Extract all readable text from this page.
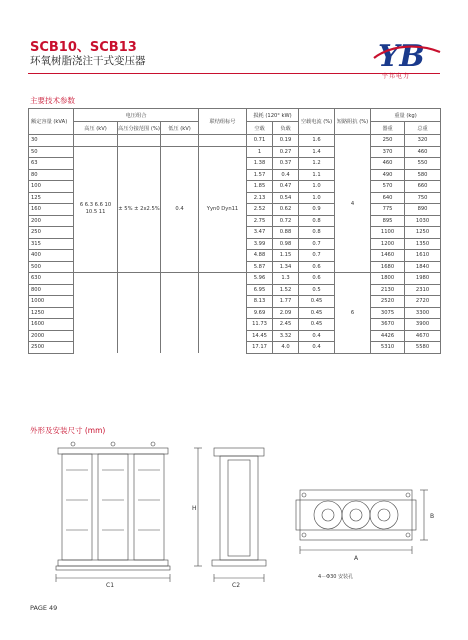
SCB10、SCB13
环氧树脂浇注干式变压器	YB
宇邦电力
主要技术参数
额定容量 (kVA)	电压组合			联结组标号	损耗 (120° kW)		空载电流 (%)	短路阻抗 (%)	重量 (kg)	
	高压 (kV)	高压分接范围 (%)	低压 (kV)		空载	负载			器重	总重
30					0.71	0.19	1.6	4	250	320
50	6 6.3 6.6 10 10.5 11	± 5% ± 2x2.5%	0.4	Yyn0 Dyn11	1	0.27	1.4		370	460
63					1.38	0.37	1.2		460	550
80					1.57	0.4	1.1		490	580
100					1.85	0.47	1.0		570	660
125					2.13	0.54	1.0		640	750
160					2.52	0.62	0.9		775	890
200					2.75	0.72	0.8		895	1030
250					3.47	0.88	0.8		1100	1250
315					3.99	0.98	0.7		1200	1350
400					4.88	1.15	0.7		1460	1610
500					5.87	1.34	0.6		1680	1840
630					5.96	1.3	0.6	6	1800	1980
800					6.95	1.52	0.5		2130	2310
1000					8.13	1.77	0.45		2520	2720
1250					9.69	2.09	0.45		3075	3300
1600					11.73	2.45	0.45		3670	3900
2000					14.45	3.32	0.4		4426	4670
2500					17.17	4.0	0.4		5310	5580
外形及安装尺寸 (mm)
C1
H
C2
A
B
4－Φ30 安装孔
PAGE 49
